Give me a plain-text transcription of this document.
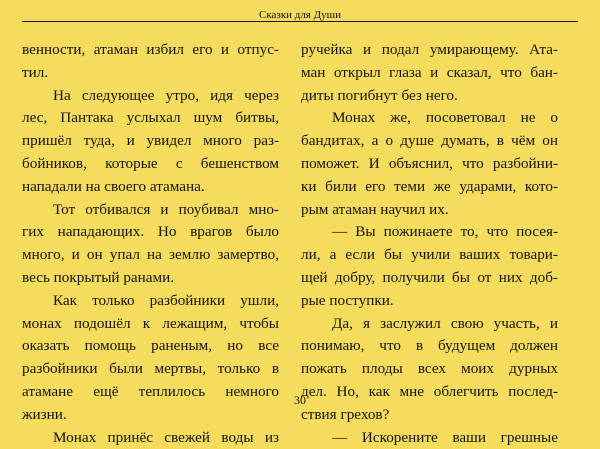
Сказки для Души
венности, атаман избил его и отпус-
тил.
На следующее утро, идя через
лес, Пантака услыхал шум битвы,
пришёл туда, и увидел много раз-
бойников, которые с бешенством
нападали на своего атамана.
Тот отбивался и поубивал мно-
гих нападающих. Но врагов было
много, и он упал на землю замертво,
весь покрытый ранами.
Как только разбойники ушли,
монах подошёл к лежащим, чтобы
оказать помощь раненым, но все
разбойники были мертвы, только в
атамане ещё теплилось немного
жизни.
Монах принёс свежей воды из
ручейка и подал умирающему. Ата-
ман открыл глаза и сказал, что бан-
диты погибнут без него.
Монах же, посоветовал не о
бандитах, а о душе думать, в чём он
поможет. И объяснил, что разбойни-
ки били его теми же ударами, кото-
рым атаман научил их.
— Вы пожинаете то, что посея-
ли, а если бы учили ваших товари-
щей добру, получили бы от них доб-
рые поступки.
Да, я заслужил свою участь, и
понимаю, что в будущем должен
пожать плоды всех моих дурных
дел. Но, как мне облегчить послед-
ствия грехов?
— Искорените ваши грешные
30
